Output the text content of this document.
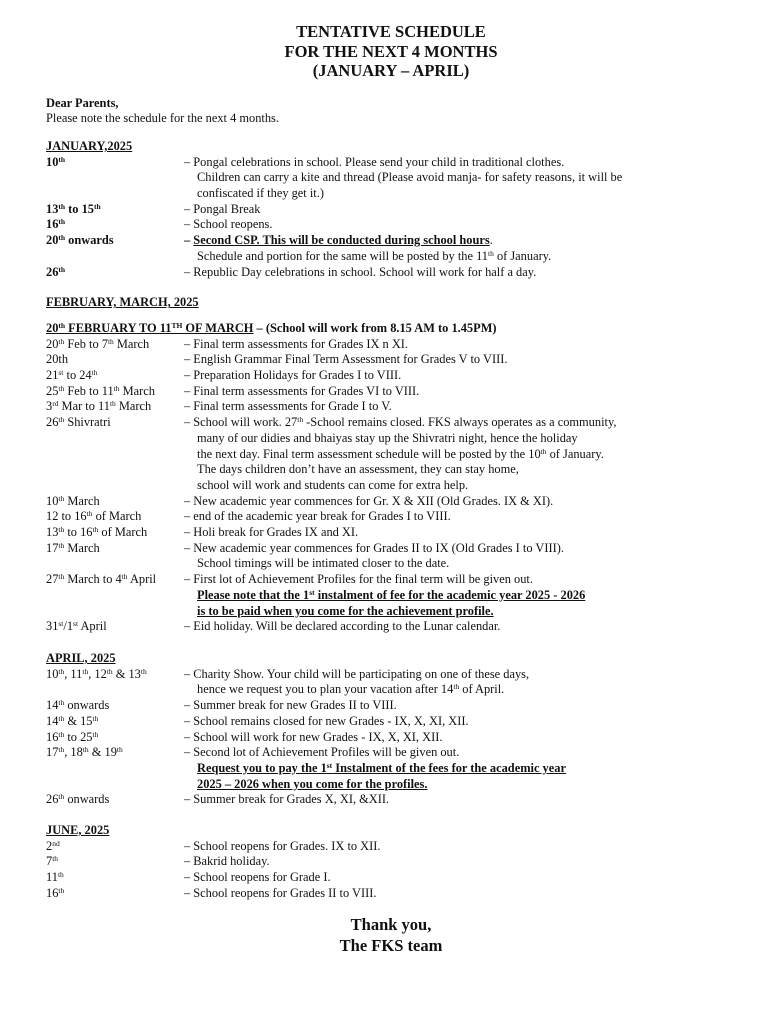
TENTATIVE SCHEDULE
FOR THE NEXT 4 MONTHS
(JANUARY – APRIL)
Dear Parents,
Please note the schedule for the next 4 months.
JANUARY,2025
10th	– Pongal celebrations in school. Please send your child in traditional clothes.
Children can carry a kite and thread (Please avoid manja- for safety reasons, it will be
confiscated if they get it.)
13th to 15th	– Pongal Break
16th	– School reopens.
20th onwards	– Second CSP. This will be conducted during school hours.
Schedule and portion for the same will be posted by the 11th of January.
26th	– Republic Day celebrations in school. School will work for half a day.
FEBRUARY, MARCH, 2025
20th FEBRUARY TO 11TH OF MARCH – (School will work from 8.15 AM to 1.45PM)
20th Feb to 7th March	– Final term assessments for Grades IX n XI.
20th	– English Grammar Final Term Assessment for Grades V to VIII.
21st to 24th	– Preparation Holidays for Grades I to VIII.
25th Feb to 11th March	– Final term assessments for Grades VI to VIII.
3rd Mar to 11th March	– Final term assessments for Grade I to V.
26th Shivratri	– School will work. 27th -School remains closed. FKS always operates as a community,
many of our didies and bhaiyas stay up the Shivratri night, hence the holiday
the next day. Final term assessment schedule will be posted by the 10th of January.
The days children don’t have an assessment, they can stay home,
school will work and students can come for extra help.
10th March	– New academic year commences for Gr. X & XII (Old Grades. IX & XI).
12 to 16th of March	– end of the academic year break for Grades I to VIII.
13th to 16th of March	– Holi break for Grades IX and XI.
17th March	– New academic year commences for Grades II to IX (Old Grades I to VIII).
School timings will be intimated closer to the date.
27th March to 4th April	– First lot of Achievement Profiles for the final term will be given out.
Please note that the 1st instalment of fee for the academic year 2025 - 2026
is to be paid when you come for the achievement profile.
31st/1st April	– Eid holiday. Will be declared according to the Lunar calendar.
APRIL, 2025
10th, 11th, 12th & 13th	– Charity Show. Your child will be participating on one of these days,
hence we request you to plan your vacation after 14th of April.
14th onwards	– Summer break for new Grades II to VIII.
14th & 15th	– School remains closed for new Grades - IX, X, XI, XII.
16th to 25th	– School will work for new Grades - IX, X, XI, XII.
17th, 18th & 19th	– Second lot of Achievement Profiles will be given out.
Request you to pay the 1st Instalment of the fees for the academic year
2025 – 2026 when you come for the profiles.
26th onwards	– Summer break for Grades X, XI, &XII.
JUNE, 2025
2nd	– School reopens for Grades. IX to XII.
7th	– Bakrid holiday.
11th	– School reopens for Grade I.
16th	– School reopens for Grades II to VIII.
Thank you,
The FKS team
